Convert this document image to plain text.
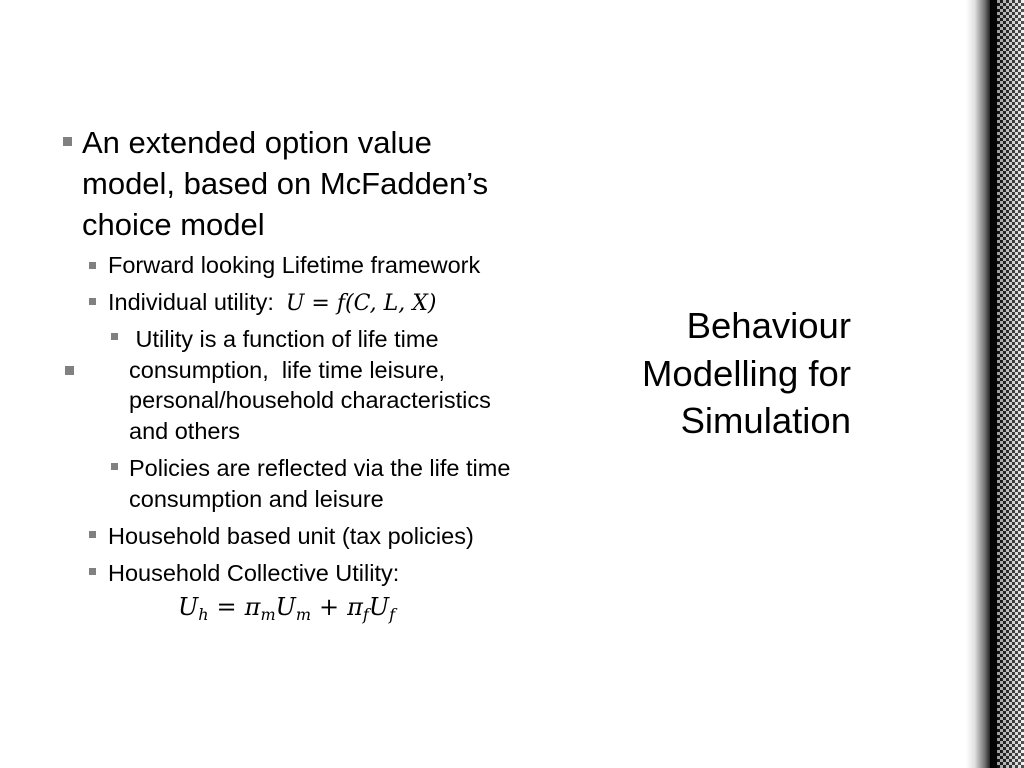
Behaviour
Modelling for
Simulation
An extended option value
model, based on McFadden’s
choice model
Forward looking Lifetime framework
Individual utility: U = f(C, L, X)
Utility is a function of life time
consumption,  life time leisure,
personal/household characteristics
and others
Policies are reflected via the life time
consumption and leisure
Household based unit (tax policies)
Household Collective Utility:
$U_h = \pi_mU_m + \pi_fU_f$
